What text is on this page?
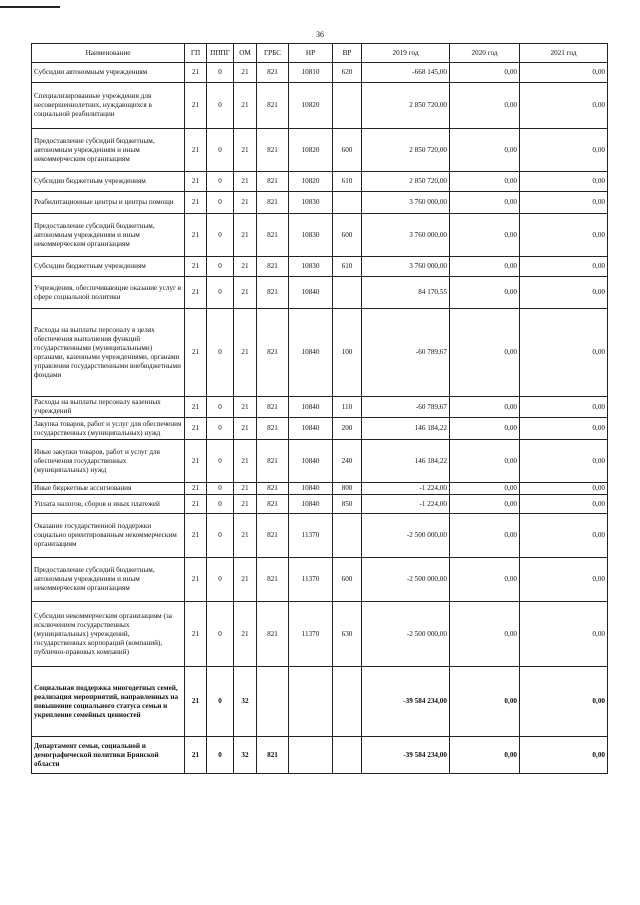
36
Наименование	ГП	ПППГ	ОМ	ГРБС	НР	ВР	2019 год	2020 год	2021 год
Субсидии автономным учреждениям	21	0	21	821	10810	620	-668 145,00	0,00	0,00
Специализированные учреждения для несовершеннолетних, нуждающихся в социальной реабилитации	21	0	21	821	10820		2 850 720,00	0,00	0,00
Предоставление субсидий бюджетным, автономным учреждениям и иным некоммерческим организациям	21	0	21	821	10820	600	2 850 720,00	0,00	0,00
Субсидии бюджетным учреждениям	21	0	21	821	10820	610	2 850 720,00	0,00	0,00
Реабилитационные центры и центры помощи	21	0	21	821	10830		3 760 000,00	0,00	0,00
Предоставление субсидий бюджетным, автономным учреждениям и иным некоммерческим организациям	21	0	21	821	10830	600	3 760 000,00	0,00	0,00
Субсидии бюджетным учреждениям	21	0	21	821	10830	610	3 760 000,00	0,00	0,00
Учреждения, обеспечивающие оказание услуг в сфере социальной политики	21	0	21	821	10840		84 170,55	0,00	0,00
Расходы на выплаты персоналу в целях обеспечения выполнения функций государственными (муниципальными) органами, казенными учреждениями, органами управления государственными внебюджетными фондами	21	0	21	821	10840	100	-60 789,67	0,00	0,00
Расходы на выплаты персоналу казенных учреждений	21	0	21	821	10840	110	-60 789,67	0,00	0,00
Закупка товаров, работ и услуг для обеспечения государственных (муниципальных) нужд	21	0	21	821	10840	200	146 184,22	0,00	0,00
Иные закупки товаров, работ и услуг для обеспечения государственных (муниципальных) нужд	21	0	21	821	10840	240	146 184,22	0,00	0,00
Иные бюджетные ассигнования	21	0	21	821	10840	800	-1 224,00	0,00	0,00
Уплата налогов, сборов и иных платежей	21	0	21	821	10840	850	-1 224,00	0,00	0,00
Оказание государственной поддержки социально ориентированным некоммерческим организациям	21	0	21	821	11370		-2 500 000,00	0,00	0,00
Предоставление субсидий бюджетным, автономным учреждениям и иным некоммерческим организациям	21	0	21	821	11370	600	-2 500 000,00	0,00	0,00
Субсидии некоммерческим организациям (за исключением государственных (муниципальных) учреждений, государственных корпораций (компаний), публично-правовых компаний)	21	0	21	821	11370	630	-2 500 000,00	0,00	0,00
Социальная поддержка многодетных семей, реализация мероприятий, направленных на повышение социального статуса семьи и укрепление семейных ценностей	21	0	32				-39 584 234,00	0,00	0,00
Департамент семьи, социальной и демографической политики Брянской области	21	0	32	821			-39 584 234,00	0,00	0,00
